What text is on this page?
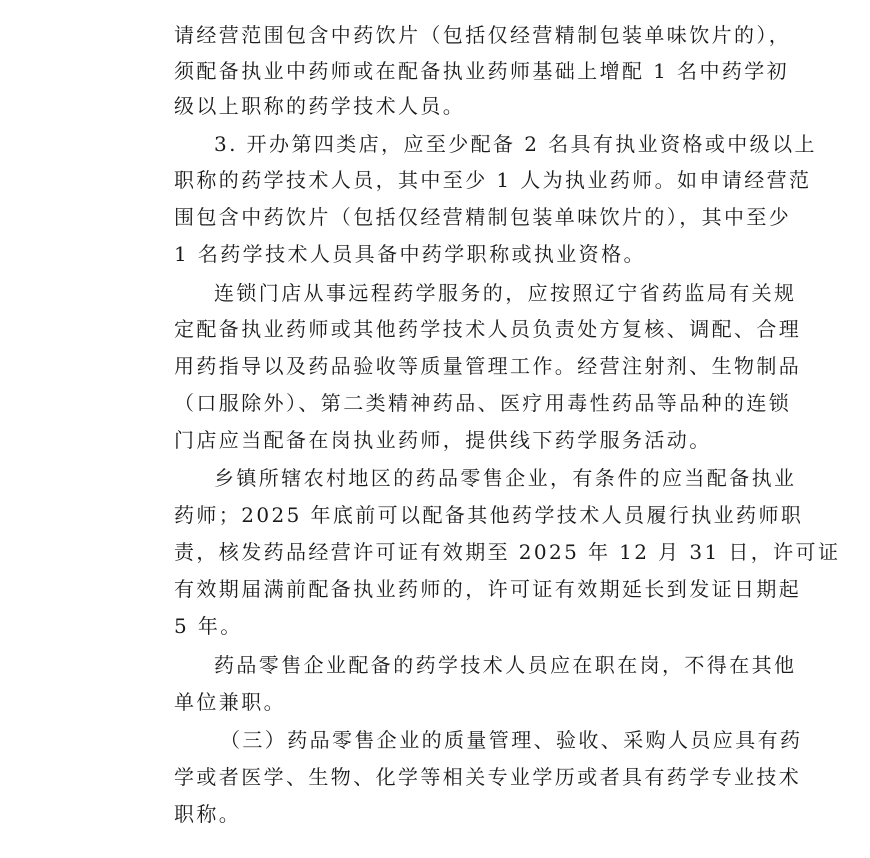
请经营范围包含中药饮片（包括仅经营精制包装单味饮片的），
须配备执业中药师或在配备执业药师基础上增配 1 名中药学初
级以上职称的药学技术人员。
3. 开办第四类店，应至少配备 2 名具有执业资格或中级以上
职称的药学技术人员，其中至少 1 人为执业药师。如申请经营范
围包含中药饮片（包括仅经营精制包装单味饮片的），其中至少
1 名药学技术人员具备中药学职称或执业资格。
连锁门店从事远程药学服务的，应按照辽宁省药监局有关规
定配备执业药师或其他药学技术人员负责处方复核、调配、合理
用药指导以及药品验收等质量管理工作。经营注射剂、生物制品
（口服除外）、第二类精神药品、医疗用毒性药品等品种的连锁
门店应当配备在岗执业药师，提供线下药学服务活动。
乡镇所辖农村地区的药品零售企业，有条件的应当配备执业
药师；2025 年底前可以配备其他药学技术人员履行执业药师职
责，核发药品经营许可证有效期至 2025 年 12 月 31 日，许可证
有效期届满前配备执业药师的，许可证有效期延长到发证日期起
5 年。
药品零售企业配备的药学技术人员应在职在岗，不得在其他
单位兼职。
（三）药品零售企业的质量管理、验收、采购人员应具有药
学或者医学、生物、化学等相关专业学历或者具有药学专业技术
职称。
